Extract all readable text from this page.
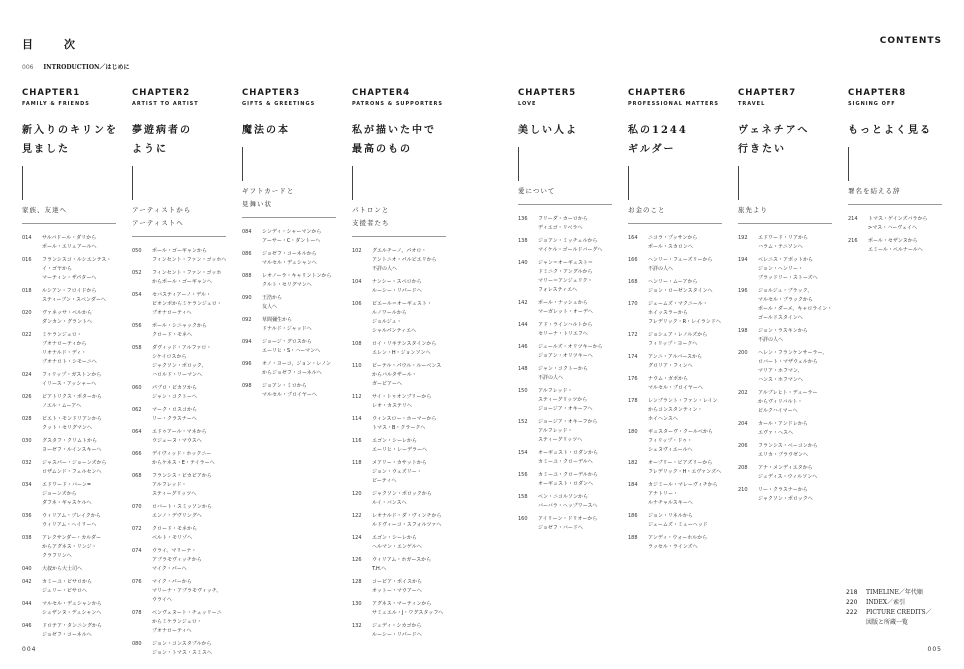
目　次	CONTENTS
006 INTRODUCTION／はじめに
CHAPTER1
FAMILY & FRIENDS
新入りのキリンを
見ました
家族、友達へ
014	サルバドール・ダリから
ポール・エリュアールへ
016	フランシスコ・ルシエンテス・
イ・ゴヤから
マーティン・ザパターへ
018	ルシアン・フロイドから
スティーブン・スペンダーへ
020	ヴァネッサ・ベルから
ダンカン・グラントへ
022	ミケランジェロ・
ブオナローティから
リオナルド・ディ・
ブオナロト・シモーニへ
024	フィリップ・ガストンから
イリース・アッシャーへ
026	ビアトリクス・ポターから
ノエル・ムーアへ
028	ピエト・モンドリアンから
クット・セリグマンへ
030	グスタフ・クリムトから
ヨーゼフ・ルインスキーへ
032	ジャスパー・ジョーンズから
ロザムンド・フェルセンへ
034	エドワード・バーン=
ジョーンズから
ダフネ・ギャスケルへ
036	ウィリアム・ブレイクから
ウィリアム・ヘイリーへ
038	アレクサンダー・カルダー
からアグネス・リンジ・
クラフリンへ
040	大叔から大士司へ
042	カミーユ・ピサロから
ジュリー・ピサロへ
044	マルセル・デュシャンから
シュザンヌ・デュシャンへ
046	ドロテア・タンニングから
ジョゼフ・コーネルへ
CHAPTER2
ARTIST TO ARTIST
夢遊病者の
ように
アーティストから
アーティストへ
050	ポール・ゴーギャンから
フィンセント・ファン・ゴッホへ
052	フィンセント・ファン・ゴッホ
からポール・ゴーギャンへ
054	セバスティアーノ・デル・
ピオンボからミケランジェロ・
ブオナローティへ
056	ポール・シニャックから
クロード・モネへ
058	ダヴィッド・アルファロ・
シケイロスから
ジャクソン・ポロック、
ハロルド・リーマンへ
060	パブロ・ピカソから
ジャン・コクトーへ
062	マーク・ロスコから
リー・クラスナーへ
064	エドゥアール・マネから
ウジェーヌ・マウスへ
066	デイヴィッド・ホックニー
からケネス・E・テイラーへ
068	フランシス・ピカビアから
アルフレッド・
スティーグリッツへ
070	ロバート・スミッソンから
エンノ・デヴリングへ
072	クロード・モネから
ベルト・モリゾへ
074	ウライ、マリーナ・
アブラモヴィッチから
マイク・パーへ
076	マイク・パーから
マリーナ・アブラモヴィッチ、
ウライへ
078	ベンヴェヌート・チェッリーニ
からミケランジェロ・
ブオナローティへ
080	ジョン・コンスタブルから
ジョン・トマス・スミスへ
CHAPTER3
GIFTS & GREETINGS
魔法の本
ギフトカードと
見舞い状
084	シンディ・シャーマンから
アーサー・C・ダントーへ
086	ジョゼフ・コーネルから
マルセル・デュシャンへ
088	レオノーラ・キャリントンから
クルト・セリグマンへ
090	王浩から
友人へ
092	草間彌生から
ドナルド・ジャッドへ
094	ジョージ・グロスから
エーリヒ・S・ハーマンへ
096	オノ・ヨーコ、ジョン・レノン
からジョゼフ・コーネルへ
098	ジョアン・ミロから
マルセル・ブロイヤーへ
CHAPTER4
PATRONS & SUPPORTERS
私が描いた中で
最高のもの
パトロンと
支援者たち
102	グエルチーノ、パオロ・
アントニオ・パルビエリから
不詳の人へ
104	ナンシー・スペロから
ルーシー・リパードへ
106	ピエール＝オーギュスト・
ルノワールから
ジョルジュ・
シャルパンティエへ
108	ロイ・リキテンスタインから
エレン・H・ジョンソンへ
110	ピーテル・パウル・ルーベンス
からバルタザール・
ガービアーへ
112	サイ・トゥオンブリーから
レオ・カステリへ
114	ウィンスロー・ホーマーから
トマス・B・クラークへ
116	エゴン・シーレから
エーリヒ・レーデラーへ
118	メアリー・カサットから
ジョン・ウェズリー・
ビーティへ
120	ジャクソン・ポロックから
ルイ・バンスへ
122	レオナルド・ダ・ヴィンチから
ルドヴィーコ・スフォルツァへ
124	エゴン・シーレから
ヘルマン・エンゲルへ
126	ウィリアム・ホガースから
T.H.へ
128	コーピア・ポイスから
オットー・マウアーへ
130	アグネス・マーティンから
サミュエル・J・ワグスタッフへ
132	ジュディ・シカゴから
ルーシー・リパードへ
CHAPTER5
LOVE
美しい人よ
愛について
136	フリーダ・カーロから
ディエゴ・リベラへ
138	ジョアン・ミッチェルから
マイケル・ゴールドバーグへ
140	ジャン＝オーギュスト＝
ドミニク・アングルから
マリー＝アンジェリク・
フォレスティエへ
142	ポール・ナッシュから
マーガレット・オーデへ
144	アド・ラインハルトから
セリーナ・トリエフへ
146	ジュールズ・オリツキーから
ジョアン・オリツキーへ
148	ジャン・コクトーから
不詳の人へ
150	アルフレッド・
スティーグリッツから
ジョージア・オキーフへ
152	ジョージア・オキーフから
アルフレッド・
スティーグリッツへ
154	オーギュスト・ロダンから
カミーユ・クローデルへ
156	カミーユ・クローデルから
オーギュスト・ロダンへ
158	ベン・ニコルソンから
バーバラ・ヘップワースへ
160	アイリーン・ドリオーから
ジョゼフ・バードへ
CHAPTER6
PROFESSIONAL MATTERS
私の1244
ギルダー
お金のこと
164	ニコラ・プッサンから
ポール・スカロンへ
166	ヘンリー・フューズリーから
不詳の人へ
168	ヘンリー・ムーアから
ジョン・ローゼンスタインへ
170	ジェームズ・マクニール・
ホイッスラーから
フレデリック・R・レイランドへ
172	ジョシュア・レノルズから
フィリップ・ヨークへ
174	アンニ・アルバースから
グロリア・フィンへ
176	ナウム・ガボから
マルセル・ブロイヤーへ
178	レンブラント・ファン・レイン
からコンスタンティン・
ホイヘンスへ
180	ギュスターヴ・クールベから
フィリップ・ドゥ・
シェヌヴィエールへ
182	オーブリー・ビアズリーから
フレデリック・H・エヴァンズへ
184	カジミール・マレーヴィチから
アナトリー・
ルナチャルスキーへ
186	ジョン・リネルから
ジェームズ・ミューヘッド
188	アンディ・ウォーホルから
ラッセル・ラインズへ
CHAPTER7
TRAVEL
ヴェネチアへ
行きたい
旅先より
192	エドワード・リアから
ハラム・テニソンへ
194	ベレニス・アボットから
ジョン・ヘンリー・
ブラッドリー・ストーズへ
196	ジョルジュ・ブラック、
マルセル・ブラックから
ポール・ダーメ、キャロライン・
ゴールドスタインへ
198	ジョン・ラスキンから
不詳の人へ
200	ヘレン・フランケンサーラー、
ロバート・マザウェルから
マリア・ホフマン、
ハンス・ホフマンへ
202	アルブレヒト・デューラー
からヴィリバルト・
ピルクハイマーへ
204	カール・アンドレから
エヴァ・ヘスへ
206	フランシス・ベーコンから
エリカ・ブラウゼンへ
208	アナ・メンディエタから
ジュディス・ウィルソンへ
210	リー・クラスナーから
ジャクソン・ポロックへ
CHAPTER8
SIGNING OFF
もっとよく見る
署名を結える辞
214	トマス・ゲインズバラから
>マス・ハーヴェイへ
216	ポール・セザンヌから
エミール・ベルナールへ
218	TIMELINE／年代順
220	INDEX／索引
222	PICTURE CREDITS／
図版と所蔵一覧
004	005
